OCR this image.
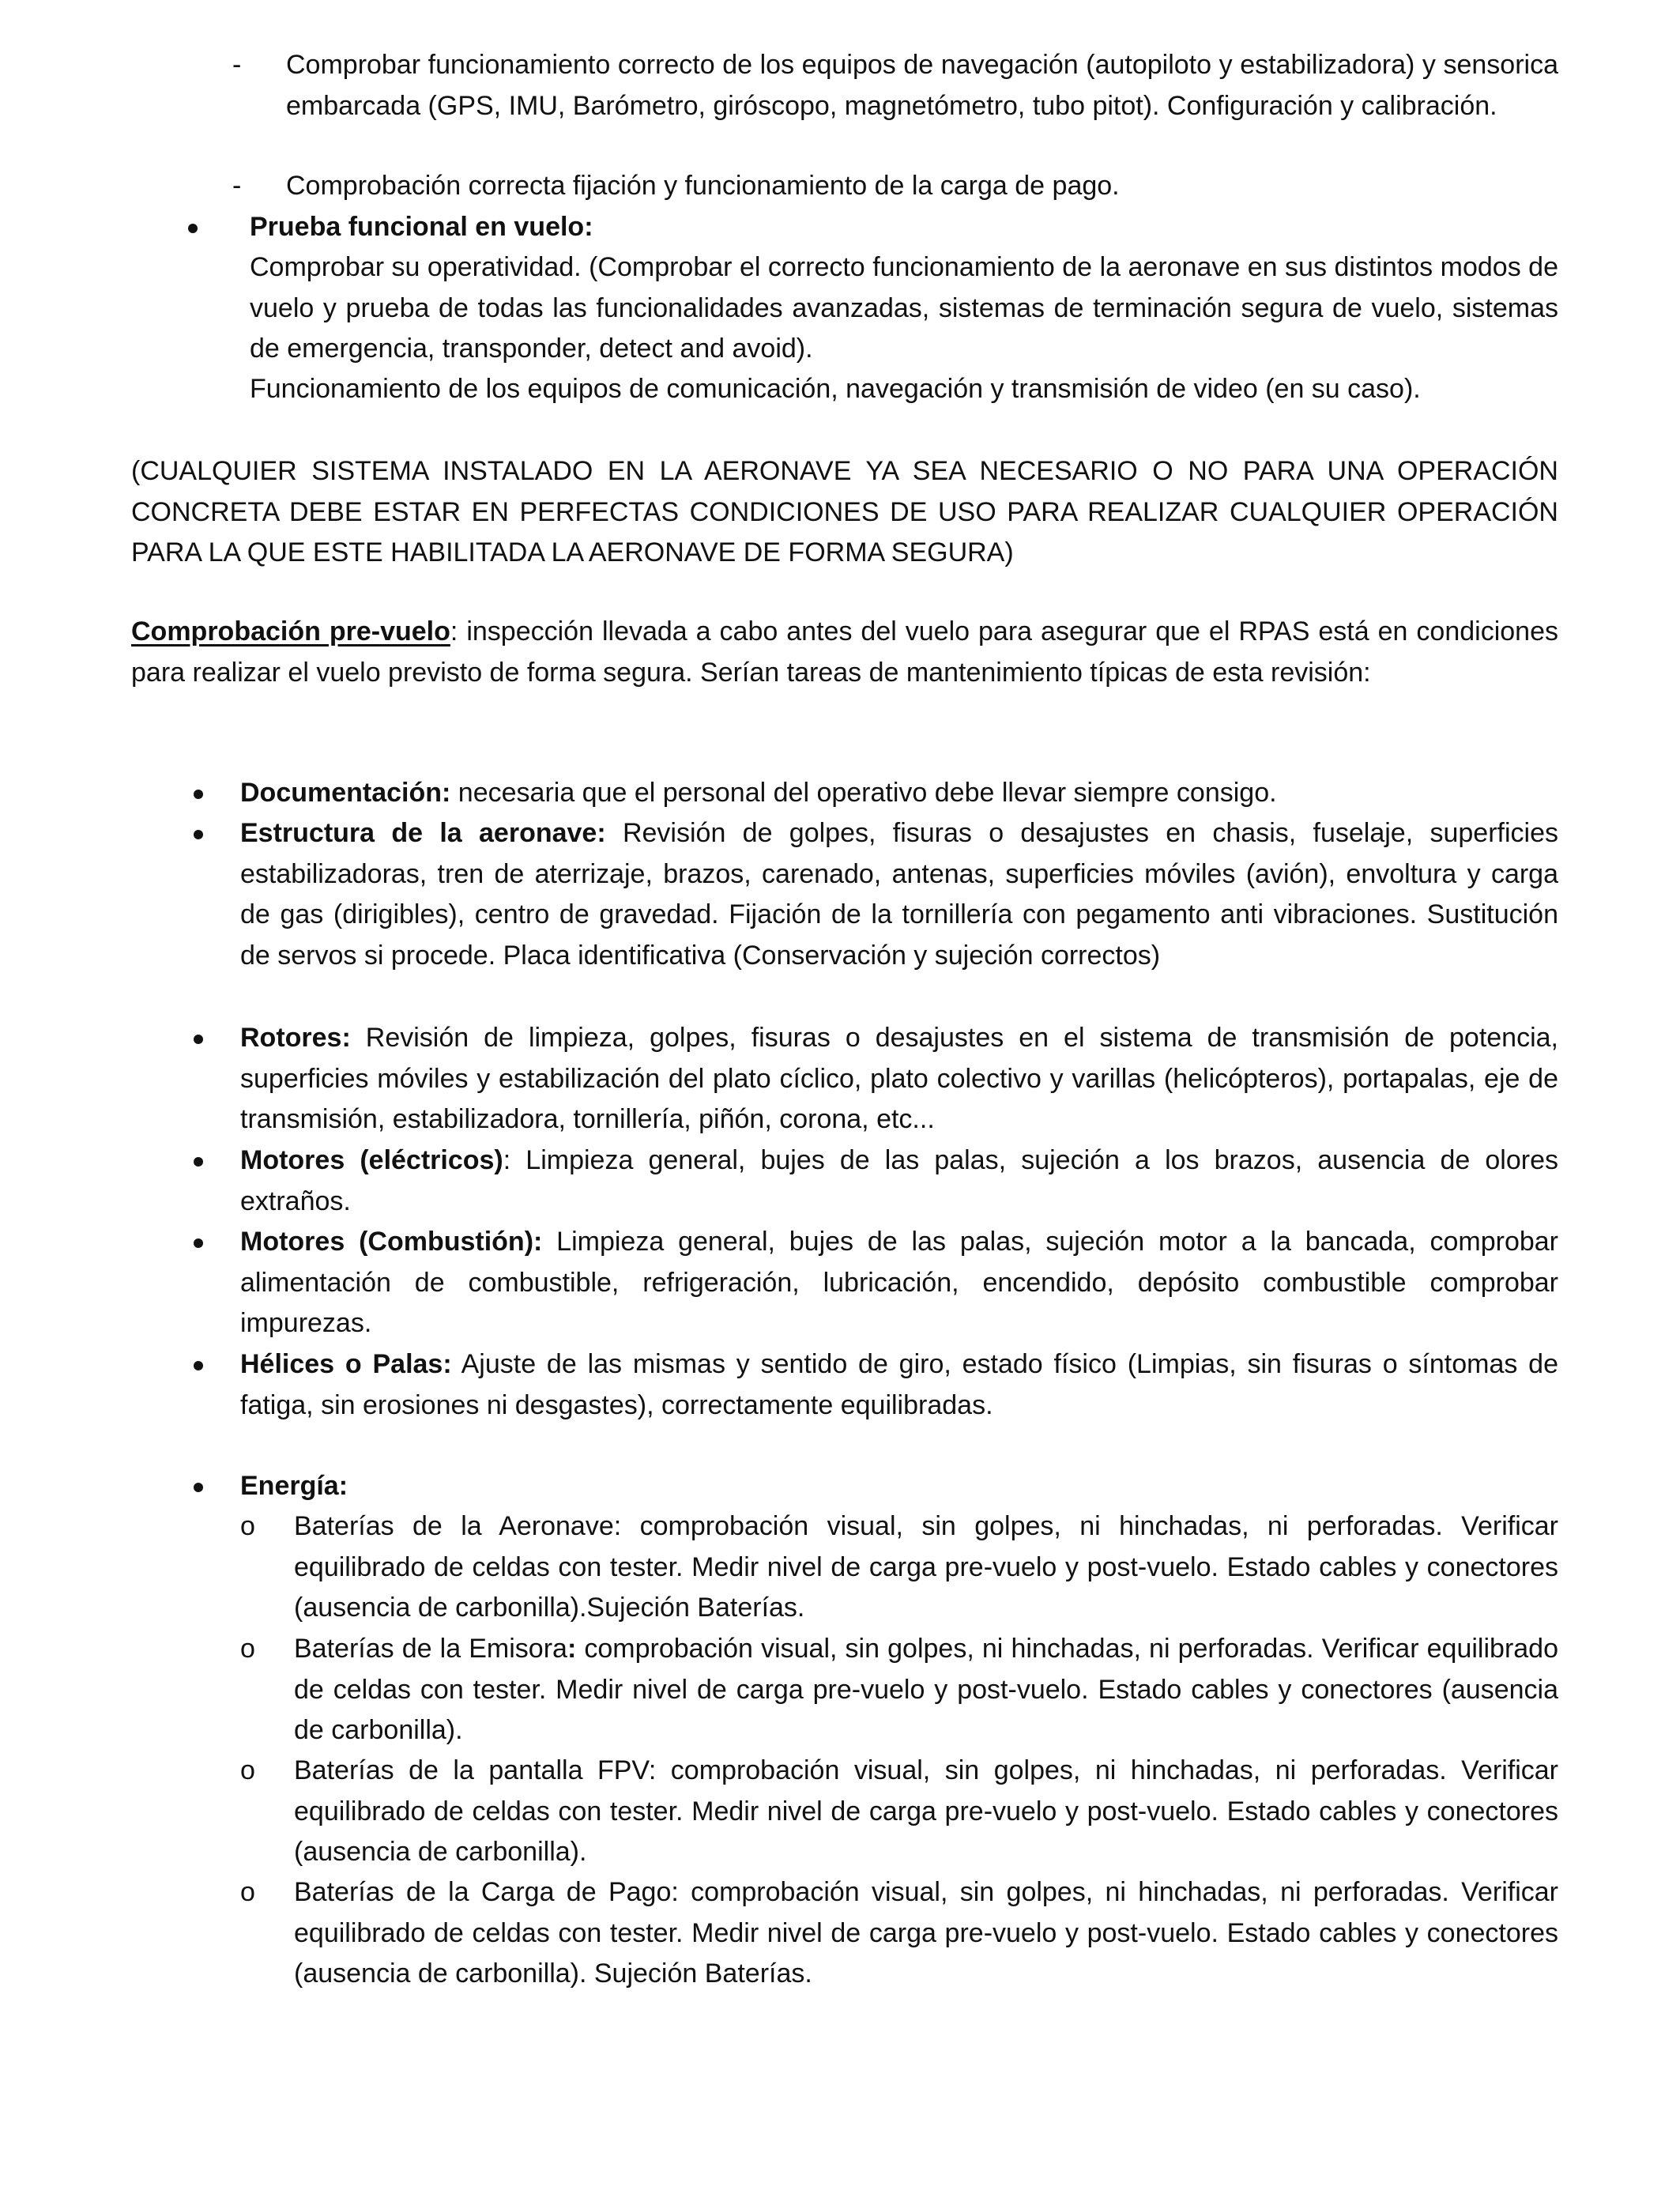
- Comprobar funcionamiento correcto de los equipos de navegación (autopiloto y estabilizadora) y sensorica embarcada (GPS, IMU, Barómetro, giróscopo, magnetómetro, tubo pitot). Configuración y calibración.
- Comprobación correcta fijación y funcionamiento de la carga de pago.
Prueba funcional en vuelo:
Comprobar su operatividad. (Comprobar el correcto funcionamiento de la aeronave en sus distintos modos de vuelo y prueba de todas las funcionalidades avanzadas, sistemas de terminación segura de vuelo, sistemas de emergencia, transponder, detect and avoid).
Funcionamiento de los equipos de comunicación, navegación y transmisión de video (en su caso).
(CUALQUIER SISTEMA INSTALADO EN LA AERONAVE YA SEA NECESARIO O NO PARA UNA OPERACIÓN CONCRETA DEBE ESTAR EN PERFECTAS CONDICIONES DE USO PARA REALIZAR CUALQUIER OPERACIÓN PARA LA QUE ESTE HABILITADA LA AERONAVE DE FORMA SEGURA)
Comprobación pre-vuelo: inspección llevada a cabo antes del vuelo para asegurar que el RPAS está en condiciones para realizar el vuelo previsto de forma segura. Serían tareas de mantenimiento típicas de esta revisión:
Documentación: necesaria que el personal del operativo debe llevar siempre consigo.
Estructura de la aeronave: Revisión de golpes, fisuras o desajustes en chasis, fuselaje, superficies estabilizadoras, tren de aterrizaje, brazos, carenado, antenas, superficies móviles (avión), envoltura y carga de gas (dirigibles), centro de gravedad. Fijación de la tornillería con pegamento anti vibraciones. Sustitución de servos si procede. Placa identificativa (Conservación y sujeción correctos)
Rotores: Revisión de limpieza, golpes, fisuras o desajustes en el sistema de transmisión de potencia, superficies móviles y estabilización del plato cíclico, plato colectivo y varillas (helicópteros), portapalas, eje de transmisión, estabilizadora, tornillería, piñón, corona, etc...
Motores (eléctricos): Limpieza general, bujes de las palas, sujeción a los brazos, ausencia de olores extraños.
Motores (Combustión): Limpieza general, bujes de las palas, sujeción motor a la bancada, comprobar alimentación de combustible, refrigeración, lubricación, encendido, depósito combustible comprobar impurezas.
Hélices o Palas: Ajuste de las mismas y sentido de giro, estado físico (Limpias, sin fisuras o síntomas de fatiga, sin erosiones ni desgastes), correctamente equilibradas.
Energía:
o Baterías de la Aeronave: comprobación visual, sin golpes, ni hinchadas, ni perforadas. Verificar equilibrado de celdas con tester. Medir nivel de carga pre-vuelo y post-vuelo. Estado cables y conectores (ausencia de carbonilla).Sujeción Baterías.
o Baterías de la Emisora: comprobación visual, sin golpes, ni hinchadas, ni perforadas. Verificar equilibrado de celdas con tester. Medir nivel de carga pre-vuelo y post-vuelo. Estado cables y conectores (ausencia de carbonilla).
o Baterías de la pantalla FPV: comprobación visual, sin golpes, ni hinchadas, ni perforadas. Verificar equilibrado de celdas con tester. Medir nivel de carga pre-vuelo y post-vuelo. Estado cables y conectores (ausencia de carbonilla).
o Baterías de la Carga de Pago: comprobación visual, sin golpes, ni hinchadas, ni perforadas. Verificar equilibrado de celdas con tester. Medir nivel de carga pre-vuelo y post-vuelo. Estado cables y conectores (ausencia de carbonilla). Sujeción Baterías.
